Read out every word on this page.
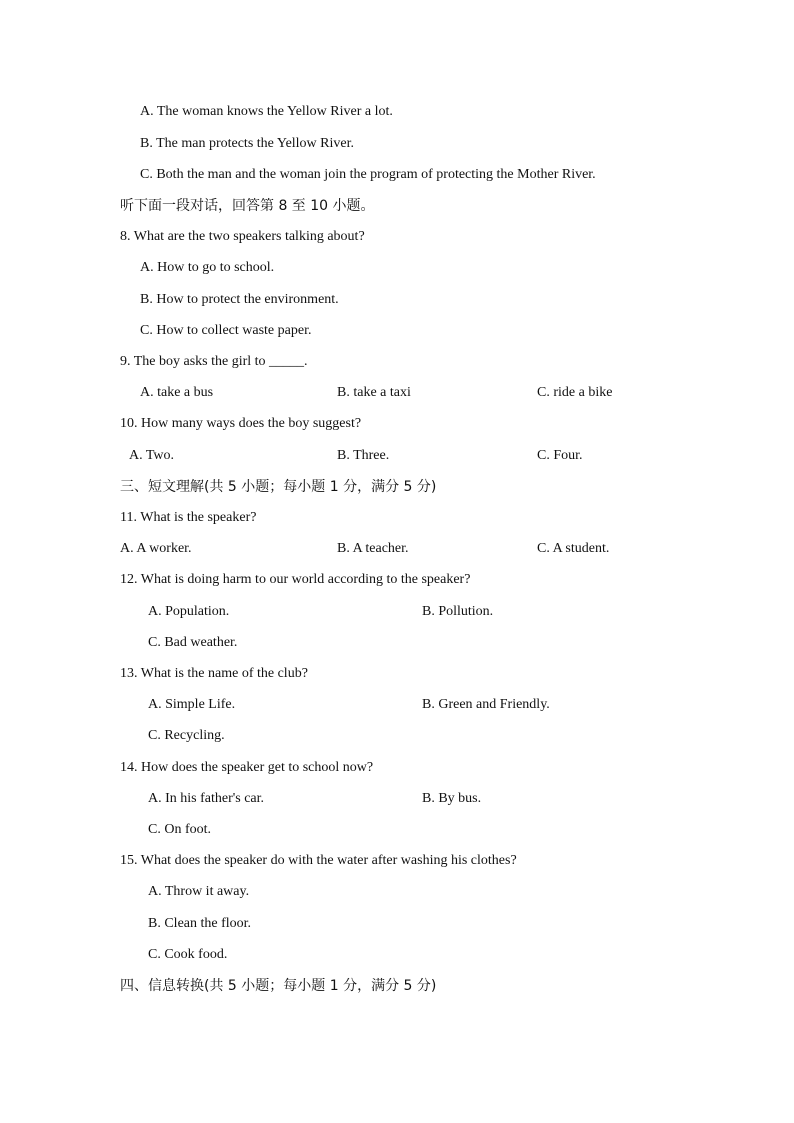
A. The woman knows the Yellow River a lot.
B. The man protects the Yellow River.
C. Both the man and the woman join the program of protecting the Mother River.
听下面一段对话，回答第 8 至 10 小题。
8. What are the two speakers talking about?
A. How to go to school.
B. How to protect the environment.
C. How to collect waste paper.
9. The boy asks the girl to _____.
A. take a bus	B. take a taxi	C. ride a bike
10. How many ways does the boy suggest?
A. Two.	B. Three.	C. Four.
三、短文理解(共 5 小题；每小题 1 分，满分 5 分)
11. What is the speaker?
A. A worker.	B. A teacher.	C. A student.
12. What is doing harm to our world according to the speaker?
A. Population.	B. Pollution.
C. Bad weather.
13. What is the name of the club?
A. Simple Life.	B. Green and Friendly.
C. Recycling.
14. How does the speaker get to school now?
A. In his father's car.	B. By bus.
C. On foot.
15. What does the speaker do with the water after washing his clothes?
A. Throw it away.
B. Clean the floor.
C. Cook food.
四、信息转换(共 5 小题；每小题 1 分，满分 5 分)
